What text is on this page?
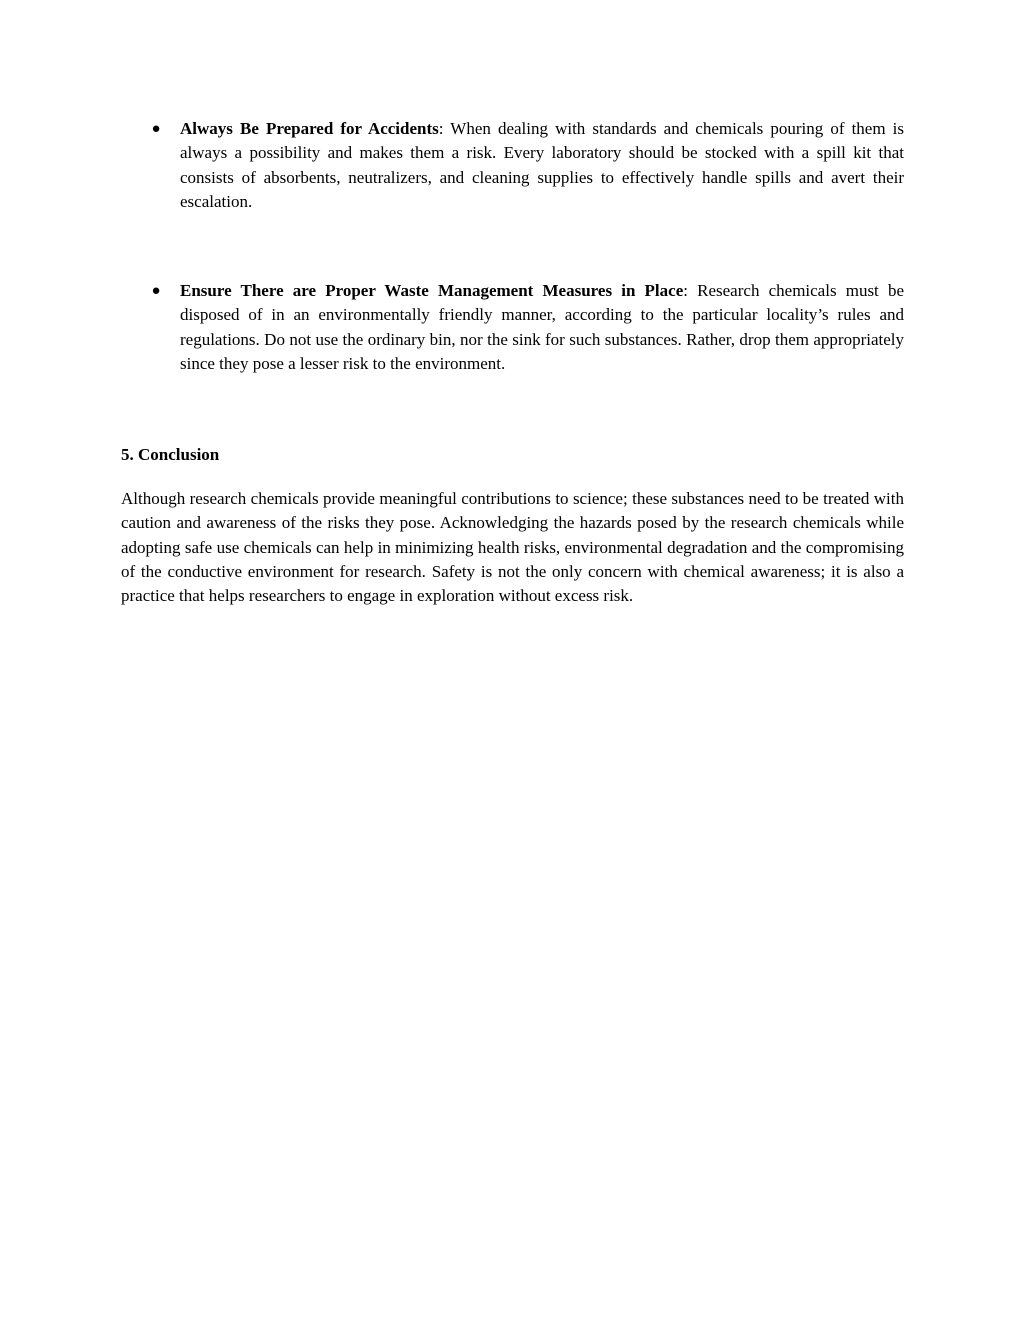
● Always Be Prepared for Accidents: When dealing with standards and chemicals pouring of them is always a possibility and makes them a risk. Every laboratory should be stocked with a spill kit that consists of absorbents, neutralizers, and cleaning supplies to effectively handle spills and avert their escalation.
● Ensure There are Proper Waste Management Measures in Place: Research chemicals must be disposed of in an environmentally friendly manner, according to the particular locality’s rules and regulations. Do not use the ordinary bin, nor the sink for such substances. Rather, drop them appropriately since they pose a lesser risk to the environment.
5. Conclusion
Although research chemicals provide meaningful contributions to science; these substances need to be treated with caution and awareness of the risks they pose. Acknowledging the hazards posed by the research chemicals while adopting safe use chemicals can help in minimizing health risks, environmental degradation and the compromising of the conductive environment for research. Safety is not the only concern with chemical awareness; it is also a practice that helps researchers to engage in exploration without excess risk.
